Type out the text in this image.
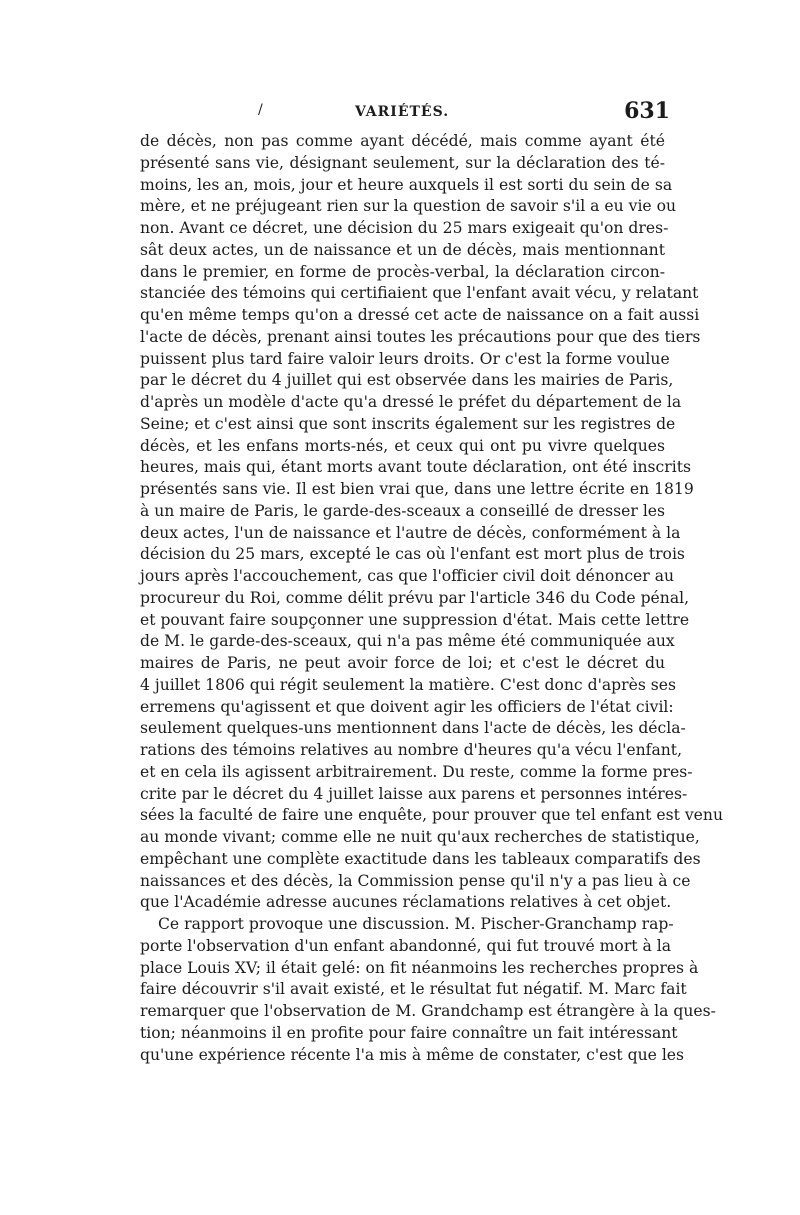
/	VARIÉTÉS.	631
de décès, non pas comme ayant décédé, mais comme ayant été
présenté sans vie, désignant seulement, sur la déclaration des té-
moins, les an, mois, jour et heure auxquels il est sorti du sein de sa
mère, et ne préjugeant rien sur la question de savoir s'il a eu vie ou
non. Avant ce décret, une décision du 25 mars exigeait qu'on dres-
sât deux actes, un de naissance et un de décès, mais mentionnant
dans le premier, en forme de procès-verbal, la déclaration circon-
stanciée des témoins qui certifiaient que l'enfant avait vécu, y relatant
qu'en même temps qu'on a dressé cet acte de naissance on a fait aussi
l'acte de décès, prenant ainsi toutes les précautions pour que des tiers
puissent plus tard faire valoir leurs droits. Or c'est la forme voulue
par le décret du 4 juillet qui est observée dans les mairies de Paris,
d'après un modèle d'acte qu'a dressé le préfet du département de la
Seine; et c'est ainsi que sont inscrits également sur les registres de
décès, et les enfans morts-nés, et ceux qui ont pu vivre quelques
heures, mais qui, étant morts avant toute déclaration, ont été inscrits
présentés sans vie. Il est bien vrai que, dans une lettre écrite en 1819
à un maire de Paris, le garde-des-sceaux a conseillé de dresser les
deux actes, l'un de naissance et l'autre de décès, conformément à la
décision du 25 mars, excepté le cas où l'enfant est mort plus de trois
jours après l'accouchement, cas que l'officier civil doit dénoncer au
procureur du Roi, comme délit prévu par l'article 346 du Code pénal,
et pouvant faire soupçonner une suppression d'état. Mais cette lettre
de M. le garde-des-sceaux, qui n'a pas même été communiquée aux
maires de Paris, ne peut avoir force de loi; et c'est le décret du
4 juillet 1806 qui régit seulement la matière. C'est donc d'après ses
erremens qu'agissent et que doivent agir les officiers de l'état civil:
seulement quelques-uns mentionnent dans l'acte de décès, les décla-
rations des témoins relatives au nombre d'heures qu'a vécu l'enfant,
et en cela ils agissent arbitrairement. Du reste, comme la forme pres-
crite par le décret du 4 juillet laisse aux parens et personnes intéres-
sées la faculté de faire une enquête, pour prouver que tel enfant est venu
au monde vivant; comme elle ne nuit qu'aux recherches de statistique,
empêchant une complète exactitude dans les tableaux comparatifs des
naissances et des décès, la Commission pense qu'il n'y a pas lieu à ce
que l'Académie adresse aucunes réclamations relatives à cet objet.
Ce rapport provoque une discussion. M. Pischer-Granchamp rap-
porte l'observation d'un enfant abandonné, qui fut trouvé mort à la
place Louis XV; il était gelé: on fit néanmoins les recherches propres à
faire découvrir s'il avait existé, et le résultat fut négatif. M. Marc fait
remarquer que l'observation de M. Grandchamp est étrangère à la ques-
tion; néanmoins il en profite pour faire connaître un fait intéressant
qu'une expérience récente l'a mis à même de constater, c'est que les
